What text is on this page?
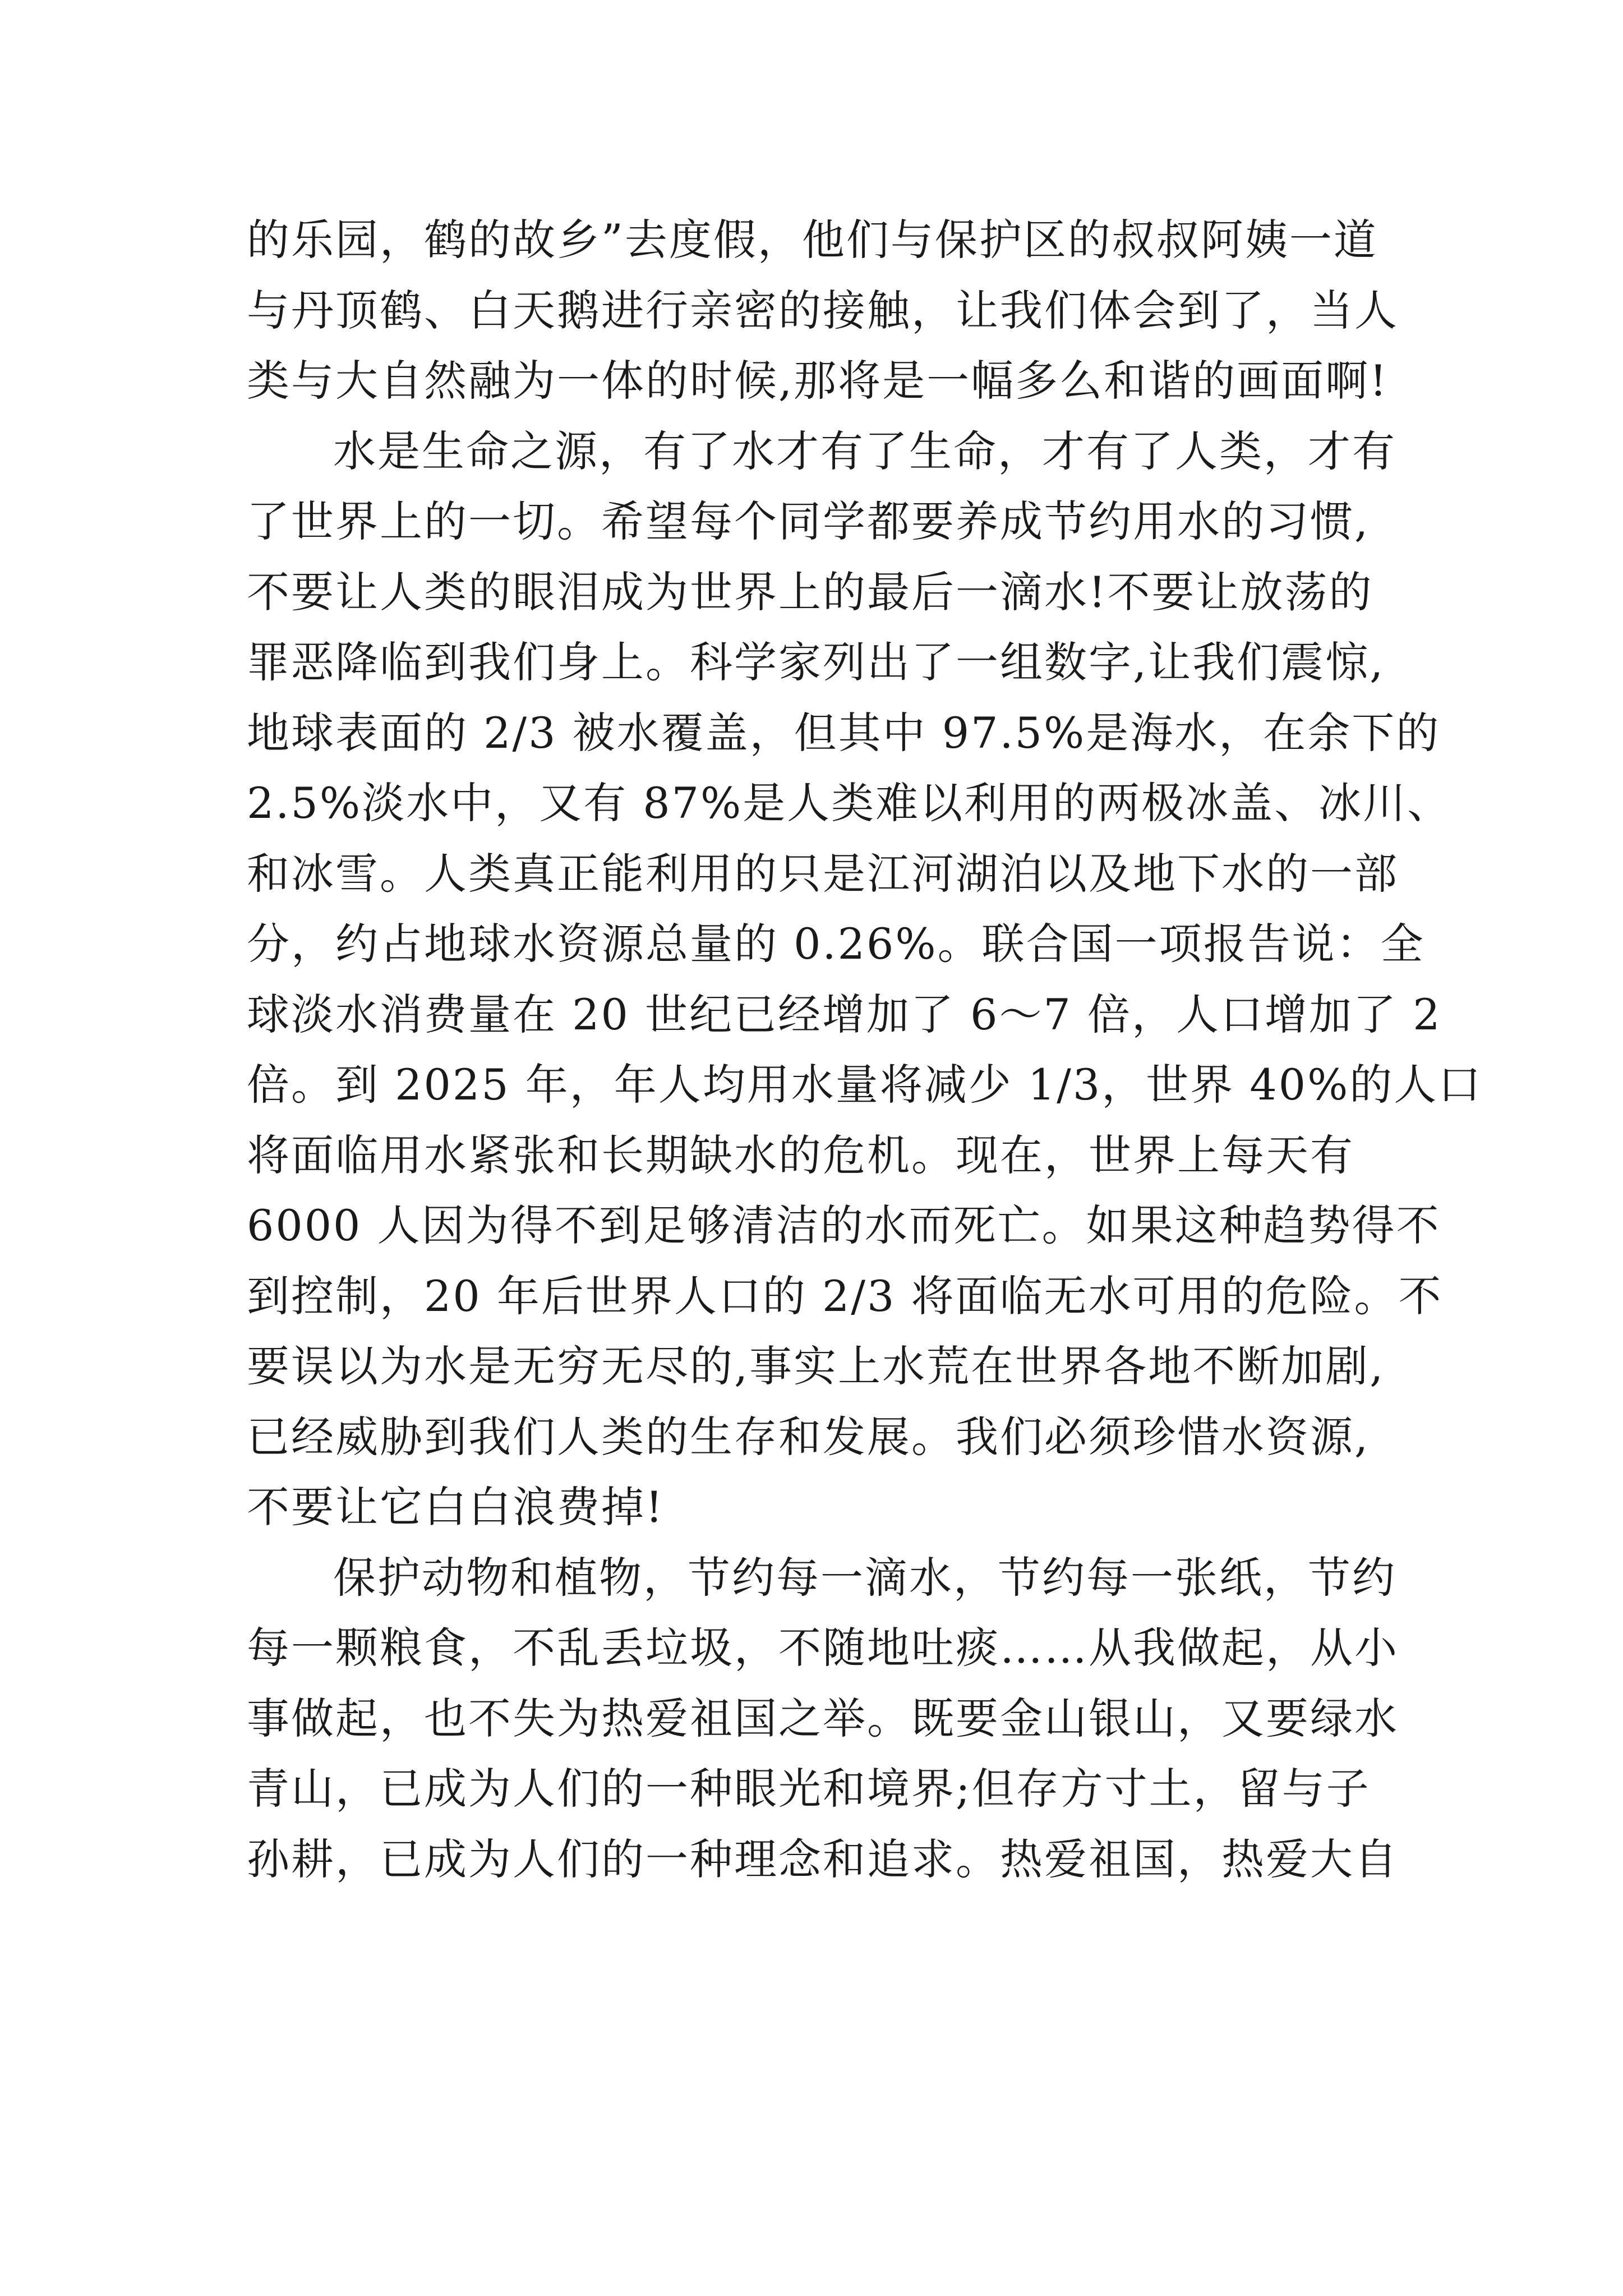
的乐园，鹤的故乡”去度假，他们与保护区的叔叔阿姨一道
与丹顶鹤、白天鹅进行亲密的接触，让我们体会到了，当人
类与大自然融为一体的时候,那将是一幅多么和谐的画面啊!
水是生命之源，有了水才有了生命，才有了人类，才有
了世界上的一切。希望每个同学都要养成节约用水的习惯,
不要让人类的眼泪成为世界上的最后一滴水!不要让放荡的
罪恶降临到我们身上。科学家列出了一组数字,让我们震惊,
地球表面的 2/3 被水覆盖，但其中 97.5%是海水，在余下的
2.5%淡水中，又有 87%是人类难以利用的两极冰盖、冰川、
和冰雪。人类真正能利用的只是江河湖泊以及地下水的一部
分，约占地球水资源总量的 0.26%。联合国一项报告说：全
球淡水消费量在 20 世纪已经增加了 6～7 倍，人口增加了 2
倍。到 2025 年，年人均用水量将减少 1/3，世界 40%的人口
将面临用水紧张和长期缺水的危机。现在，世界上每天有
6000 人因为得不到足够清洁的水而死亡。如果这种趋势得不
到控制，20 年后世界人口的 2/3 将面临无水可用的危险。不
要误以为水是无穷无尽的,事实上水荒在世界各地不断加剧,
已经威胁到我们人类的生存和发展。我们必须珍惜水资源,
不要让它白白浪费掉!
保护动物和植物，节约每一滴水，节约每一张纸，节约
每一颗粮食，不乱丢垃圾，不随地吐痰……从我做起，从小
事做起，也不失为热爱祖国之举。既要金山银山，又要绿水
青山，已成为人们的一种眼光和境界;但存方寸土，留与子
孙耕，已成为人们的一种理念和追求。热爱祖国，热爱大自
